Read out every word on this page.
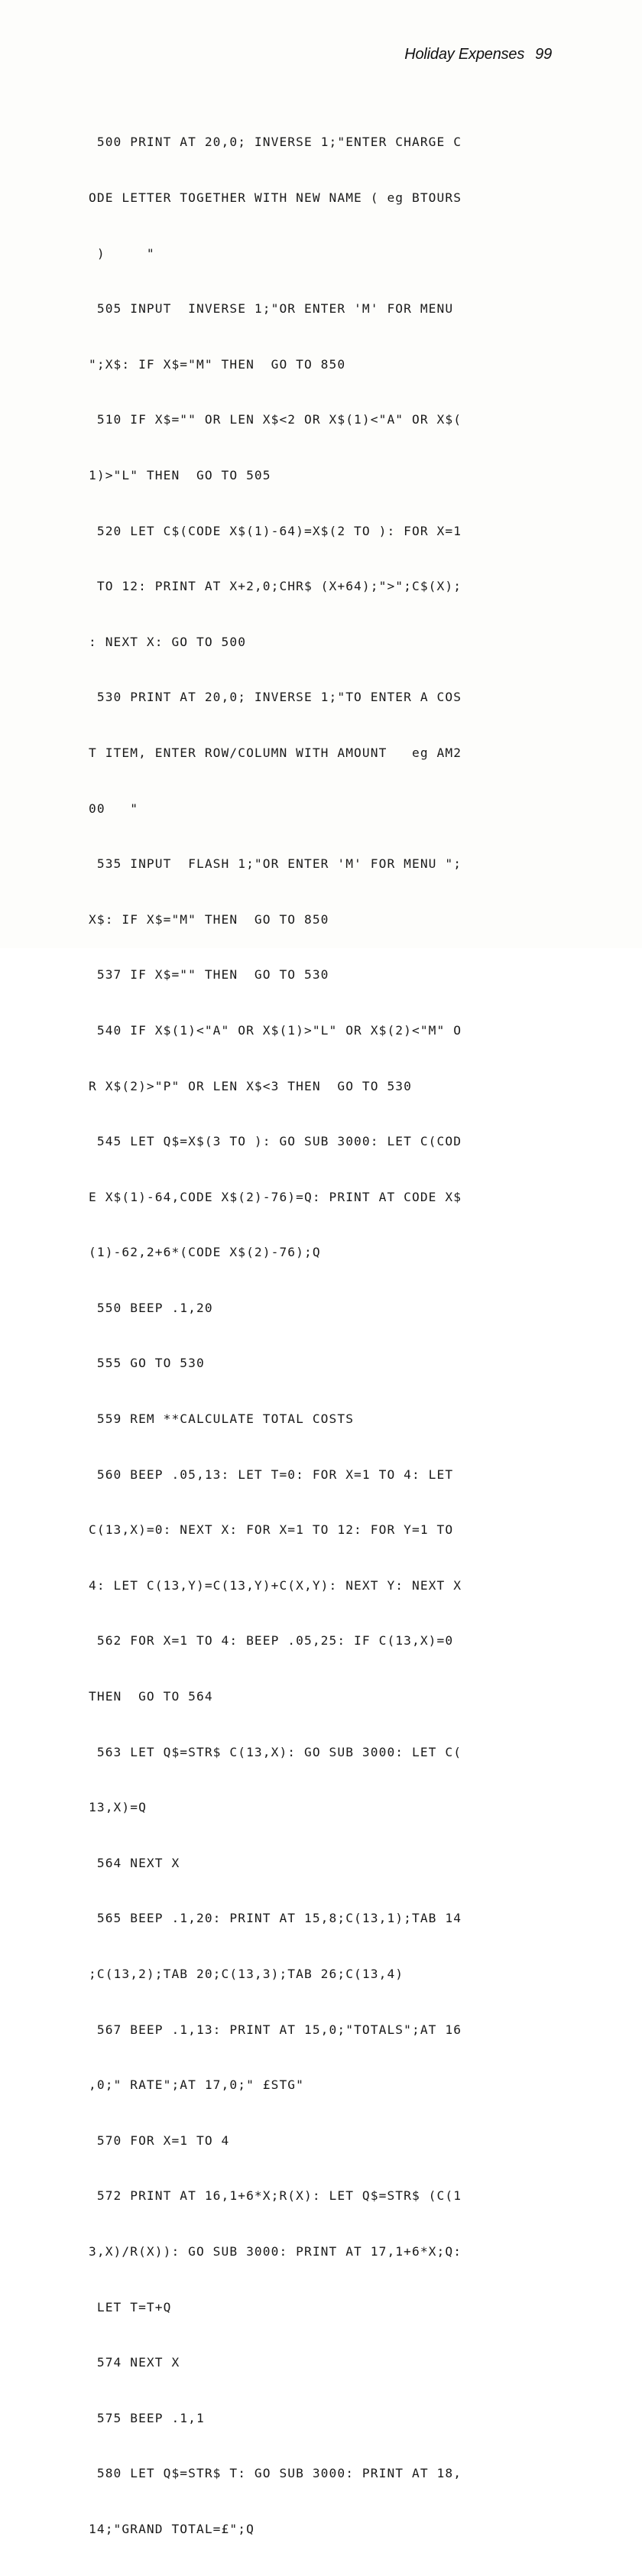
Holiday Expenses 99

500 PRINT AT 20,0; INVERSE 1;"ENTER CHARGE C

ODE LETTER TOGETHER WITH NEW NAME ( eg BTOURS

)     "

505 INPUT  INVERSE 1;"OR ENTER 'M' FOR MENU

";X$: IF X$="M" THEN  GO TO 850

510 IF X$="" OR LEN X$<2 OR X$(1)<"A" OR X$(

1)>"L" THEN  GO TO 505

520 LET C$(CODE X$(1)-64)=X$(2 TO ): FOR X=1

TO 12: PRINT AT X+2,0;CHR$ (X+64);">";C$(X);

: NEXT X: GO TO 500

530 PRINT AT 20,0; INVERSE 1;"TO ENTER A COS

T ITEM, ENTER ROW/COLUMN WITH AMOUNT   eg AM2

00   "

535 INPUT  FLASH 1;"OR ENTER 'M' FOR MENU ";

X$: IF X$="M" THEN  GO TO 850

537 IF X$="" THEN  GO TO 530

540 IF X$(1)<"A" OR X$(1)>"L" OR X$(2)<"M" O

R X$(2)>"P" OR LEN X$<3 THEN  GO TO 530

545 LET Q$=X$(3 TO ): GO SUB 3000: LET C(COD

E X$(1)-64,CODE X$(2)-76)=Q: PRINT AT CODE X$

(1)-62,2+6*(CODE X$(2)-76);Q

550 BEEP .1,20

555 GO TO 530

559 REM **CALCULATE TOTAL COSTS

560 BEEP .05,13: LET T=0: FOR X=1 TO 4: LET

C(13,X)=0: NEXT X: FOR X=1 TO 12: FOR Y=1 TO

4: LET C(13,Y)=C(13,Y)+C(X,Y): NEXT Y: NEXT X

562 FOR X=1 TO 4: BEEP .05,25: IF C(13,X)=0

THEN  GO TO 564

563 LET Q$=STR$ C(13,X): GO SUB 3000: LET C(

13,X)=Q

564 NEXT X

565 BEEP .1,20: PRINT AT 15,8;C(13,1);TAB 14

;C(13,2);TAB 20;C(13,3);TAB 26;C(13,4)

567 BEEP .1,13: PRINT AT 15,0;"TOTALS";AT 16

,0;" RATE";AT 17,0;" £STG"

570 FOR X=1 TO 4

572 PRINT AT 16,1+6*X;R(X): LET Q$=STR$ (C(1

3,X)/R(X)): GO SUB 3000: PRINT AT 17,1+6*X;Q:

LET T=T+Q

574 NEXT X

575 BEEP .1,1

580 LET Q$=STR$ T: GO SUB 3000: PRINT AT 18,

14;"GRAND TOTAL=£";Q
